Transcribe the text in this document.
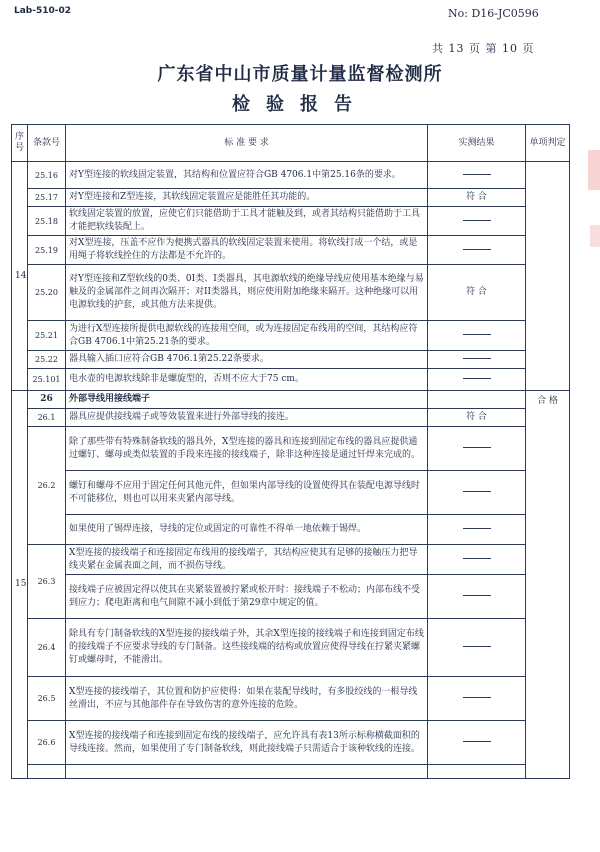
Lab-510-02	No: D16-JC0596
共 13 页 第 10 页
广东省中山市质量计量监督检测所
检验报告
序号	条款号	标 准 要 求	实测结果	单项判定
14	25.16	对Y型连接的软线固定装置，其结构和位置应符合GB 4706.1中第25.16条的要求。		
	25.17	对Y型连接和Z型连接，其软线固定装置应是能胜任其功能的。	符 合	
	25.18	软线固定装置的放置，应使它们只能借助于工具才能触及到，或者其结构只能借助于工具才能把软线装配上。		
	25.19	对X型连接，压盖不应作为便携式器具的软线固定装置来使用。将软线打成一个结，或是用绳子将软线拴住的方法都是不允许的。		
	25.20	对Y型连接和Z型软线的0类、0I类、I类器具，其电源软线的绝缘导线应使用基本绝缘与易触及的金属部件之间再次隔开；对II类器具，则应使用附加绝缘来隔开。这种绝缘可以用电源软线的护套，或其他方法来提供。	符 合	
	25.21	为进行X型连接所提供电源软线的连接用空间，或为连接固定布线用的空间，其结构应符合GB 4706.1中第25.21条的要求。		
	25.22	器具输入插口应符合GB 4706.1第25.22条要求。		
	25.101	电水壶的电源软线除非是螺旋型的，否则不应大于75 cm。		
15	26	外部导线用接线端子		合 格
	26.1	器具应提供接线端子或等效装置来进行外部导线的接连。	符 合	
	26.2	除了那些带有特殊制备软线的器具外，X型连接的器具和连接到固定布线的器具应提供通过螺钉、螺母或类似装置的手段来连接的接线端子，除非这种连接是通过钎焊来完成的。		
		螺钉和螺母不应用于固定任何其他元件，但如果内部导线的设置使得其在装配电源导线时不可能移位，则也可以用来夹紧内部导线。		
		如果使用了锡焊连接，导线的定位或固定的可靠性不得单一地依赖于锡焊。		
	26.3	X型连接的接线端子和连接固定布线用的接线端子，其结构应使其有足够的接触压力把导线夹紧在金属表面之间，而不损伤导线。		
		接线端子应被固定得以使其在夹紧装置被拧紧或松开时：接线端子不松动；内部布线不受到应力；爬电距离和电气间隙不减小到低于第29章中规定的值。		
	26.4	除具有专门制备软线的X型连接的接线端子外，其余X型连接的接线端子和连接到固定布线的接线端子不应要求导线的专门制备。这些接线端的结构或放置应使得导线在拧紧夹紧螺钉或螺母时，不能滑出。		
	26.5	X型连接的接线端子，其位置和防护应使得：如果在装配导线时，有多股绞线的一根导线丝滑出，不应与其他部件存在导致伤害的意外连接的危险。		
	26.6	X型连接的接线端子和连接到固定布线的接线端子，应允许具有表13所示标称横截面积的导线连接。然而，如果使用了专门制备软线，则此接线端子只需适合于该种软线的连接。		
